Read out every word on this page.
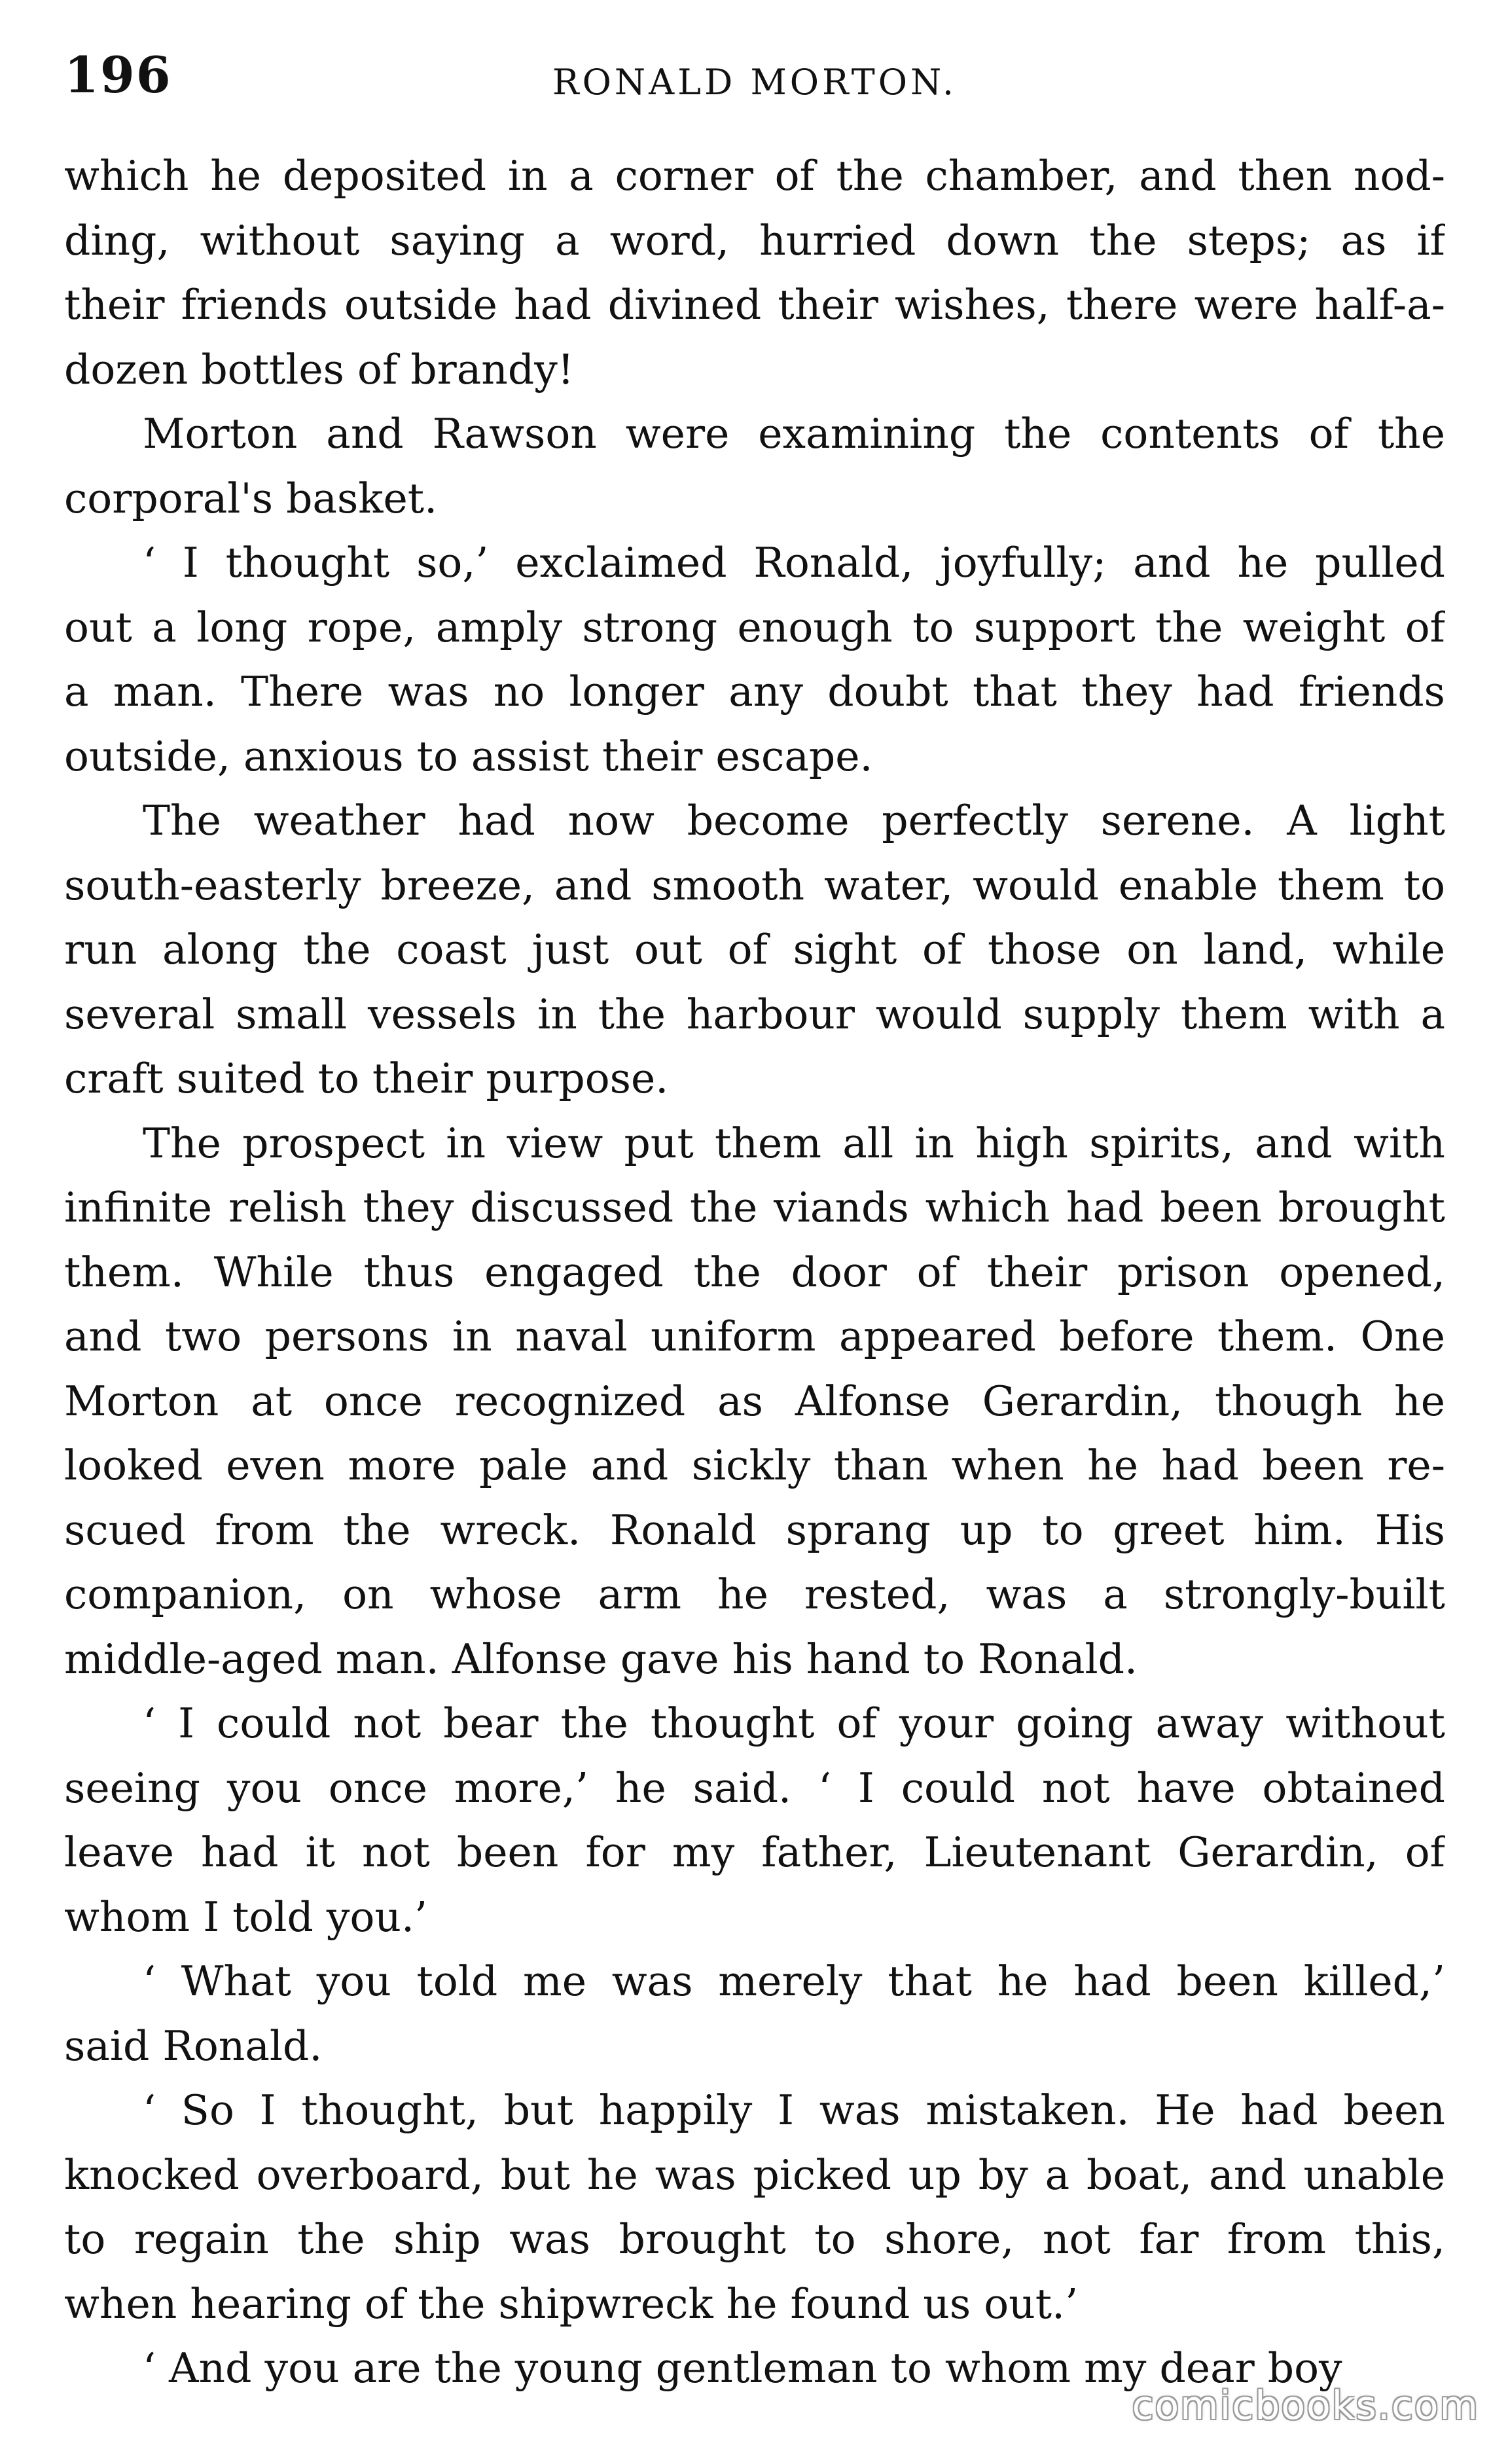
196	RONALD MORTON.
which he deposited in a corner of the chamber, and then nod-
ding, without saying a word, hurried down the steps; as if
their friends outside had divined their wishes, there were half-a-
dozen bottles of brandy!
Morton and Rawson were examining the contents of the
corporal's basket.
‘ I thought so,’ exclaimed Ronald, joyfully; and he pulled
out a long rope, amply strong enough to support the weight of
a man. There was no longer any doubt that they had friends
outside, anxious to assist their escape.
The weather had now become perfectly serene. A light
south-easterly breeze, and smooth water, would enable them to
run along the coast just out of sight of those on land, while
several small vessels in the harbour would supply them with a
craft suited to their purpose.
The prospect in view put them all in high spirits, and with
infinite relish they discussed the viands which had been brought
them. While thus engaged the door of their prison opened,
and two persons in naval uniform appeared before them. One
Morton at once recognized as Alfonse Gerardin, though he
looked even more pale and sickly than when he had been re-
scued from the wreck. Ronald sprang up to greet him. His
companion, on whose arm he rested, was a strongly-built
middle-aged man. Alfonse gave his hand to Ronald.
‘ I could not bear the thought of your going away without
seeing you once more,’ he said. ‘ I could not have obtained
leave had it not been for my father, Lieutenant Gerardin, of
whom I told you.’
‘ What you told me was merely that he had been killed,’
said Ronald.
‘ So I thought, but happily I was mistaken. He had been
knocked overboard, but he was picked up by a boat, and unable
to regain the ship was brought to shore, not far from this,
when hearing of the shipwreck he found us out.’
‘ And you are the young gentleman to whom my dear boy
comicbooks.com
